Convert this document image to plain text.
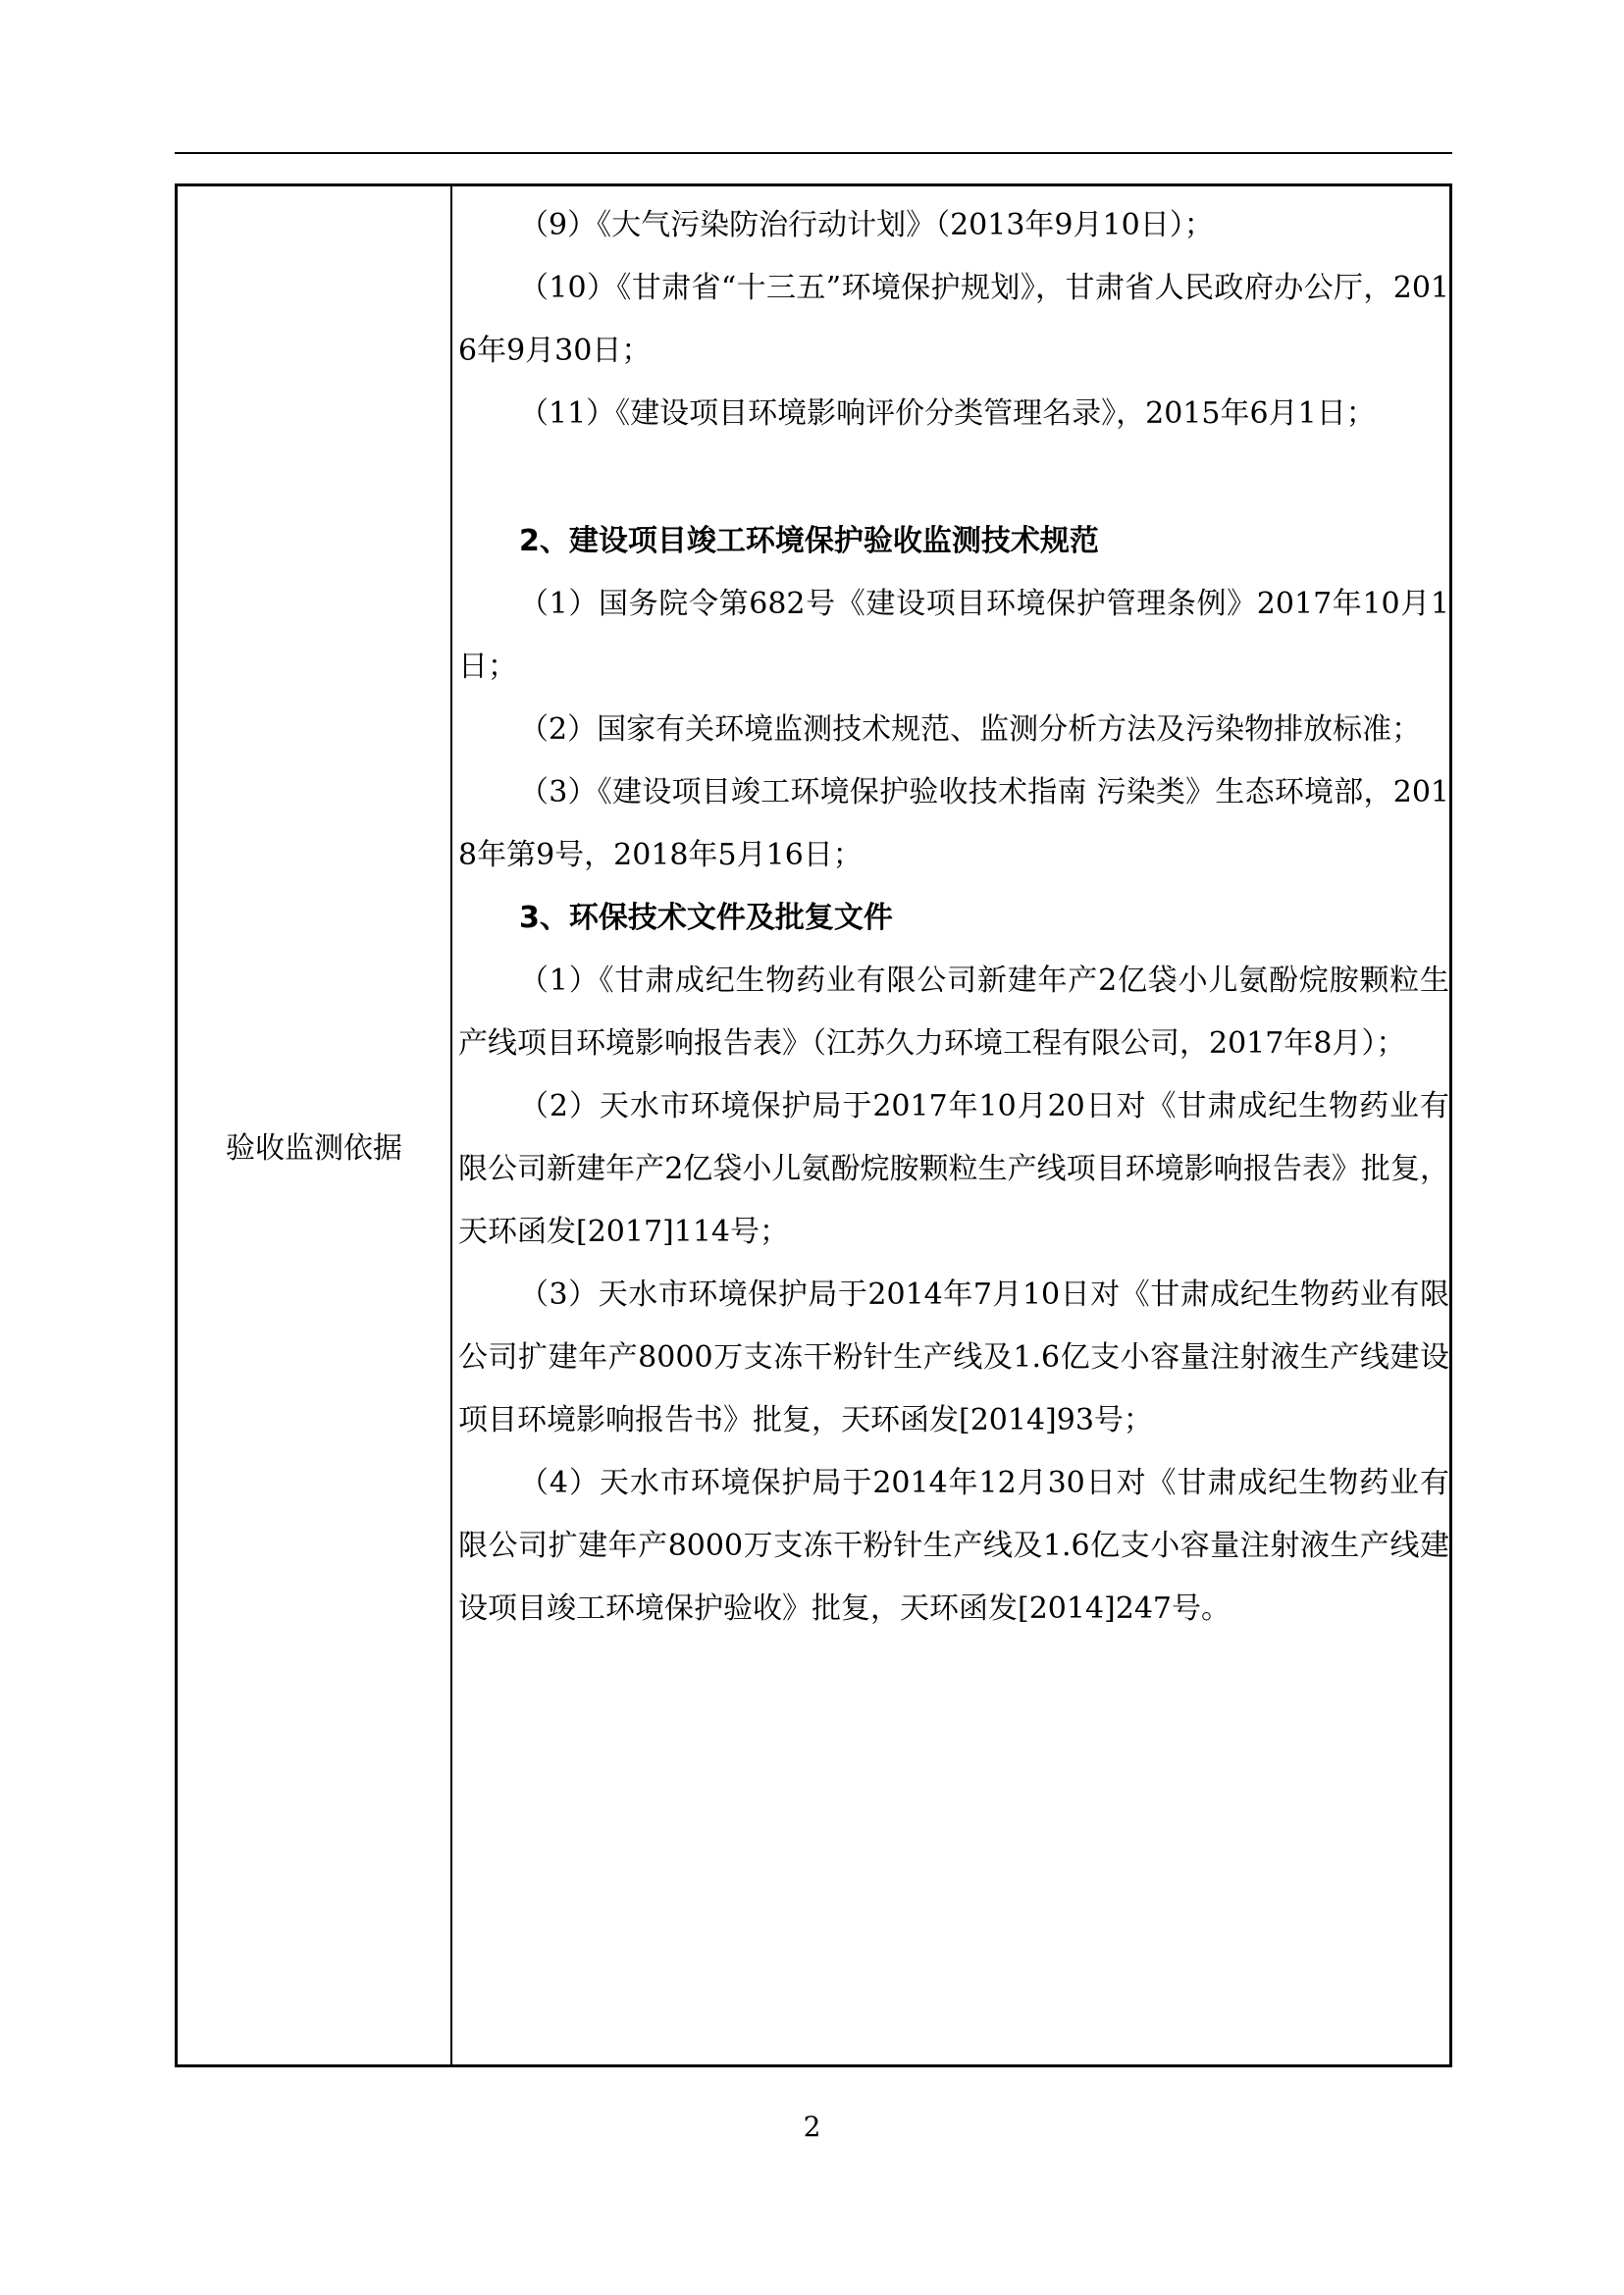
验收监测依据

（9）《大气污染防治行动计划》（2013年9月10日）；

（10）《甘肃省“十三五”环境保护规划》，甘肃省人民政府办公厅，2016年9月30日；

（11）《建设项目环境影响评价分类管理名录》，2015年6月1日；

2、建设项目竣工环境保护验收监测技术规范

（1）国务院令第682号《建设项目环境保护管理条例》2017年10月1日；

（2）国家有关环境监测技术规范、监测分析方法及污染物排放标准；

（3）《建设项目竣工环境保护验收技术指南 污染类》生态环境部，2018年第9号，2018年5月16日；

3、环保技术文件及批复文件

（1）《甘肃成纪生物药业有限公司新建年产2亿袋小儿氨酚烷胺颗粒生产线项目环境影响报告表》（江苏久力环境工程有限公司，2017年8月）；

（2）天水市环境保护局于2017年10月20日对《甘肃成纪生物药业有限公司新建年产2亿袋小儿氨酚烷胺颗粒生产线项目环境影响报告表》批复，天环函发[2017]114号；

（3）天水市环境保护局于2014年7月10日对《甘肃成纪生物药业有限公司扩建年产8000万支冻干粉针生产线及1.6亿支小容量注射液生产线建设项目环境影响报告书》批复，天环函发[2014]93号；

（4）天水市环境保护局于2014年12月30日对《甘肃成纪生物药业有限公司扩建年产8000万支冻干粉针生产线及1.6亿支小容量注射液生产线建设项目竣工环境保护验收》批复，天环函发[2014]247号。

2
